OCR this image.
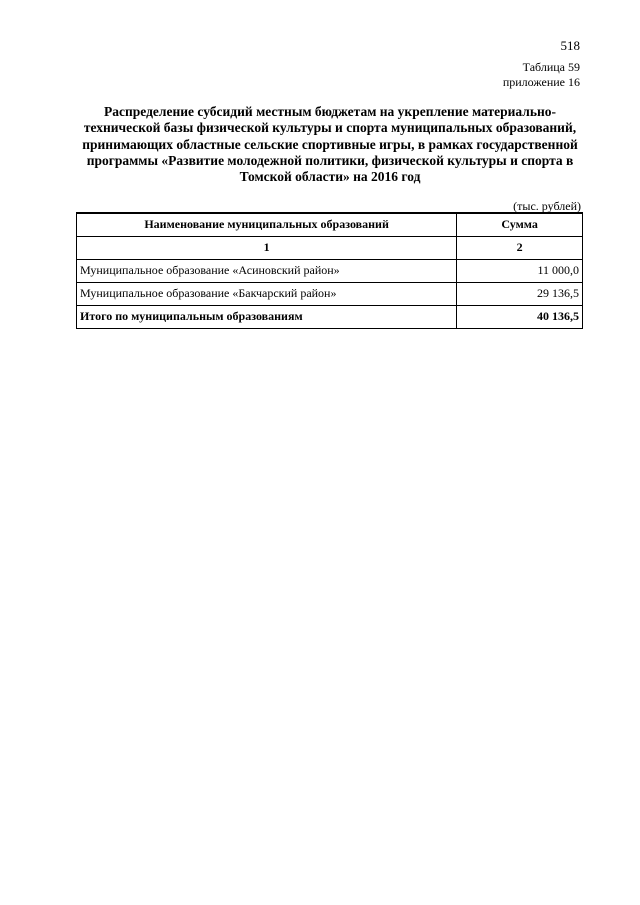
518
Таблица 59
приложение 16
Распределение субсидий местным бюджетам на укрепление материально-технической базы физической культуры и спорта муниципальных образований, принимающих областные сельские спортивные игры, в рамках государственной программы «Развитие молодежной политики, физической культуры и спорта в Томской области» на 2016 год
(тыс. рублей)
Наименование муниципальных образований	Сумма
1	2
Муниципальное образование «Асиновский район»	11 000,0
Муниципальное образование «Бакчарский район»	29 136,5
Итого по муниципальным образованиям	40 136,5
